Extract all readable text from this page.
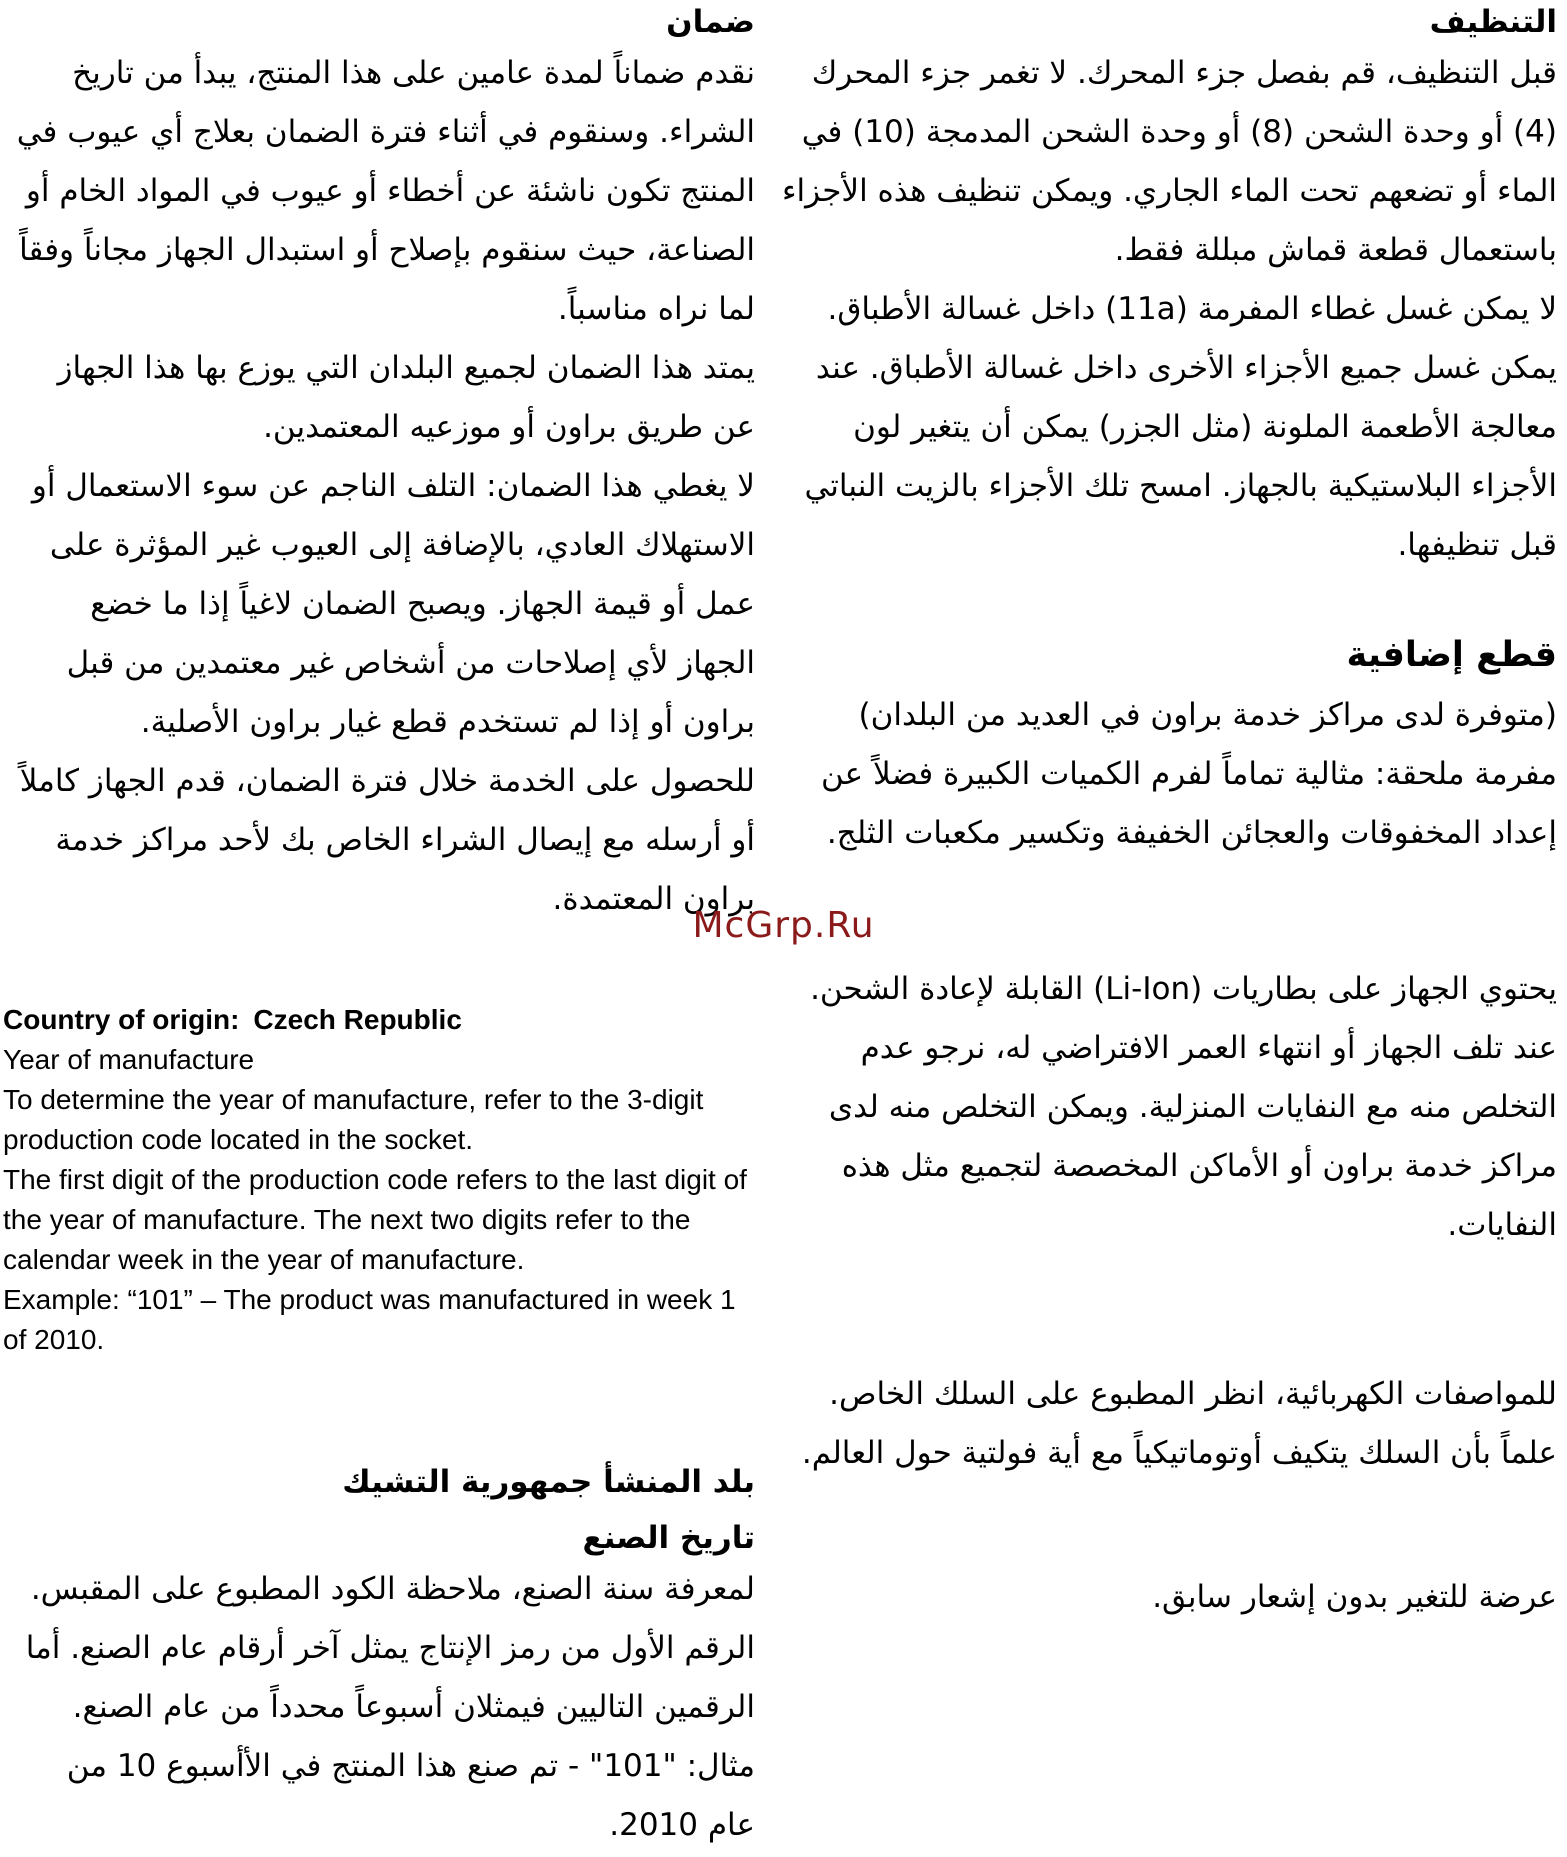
التنظيف

قبل التنظيف، قم بفصل جزء المحرك. لا تغمر جزء المحرك (4) أو وحدة الشحن (8) أو وحدة الشحن المدمجة (10) في الماء أو تضعهم تحت الماء الجاري. ويمكن تنظيف هذه الأجزاء باستعمال قطعة قماش مبللة فقط.

لا يمكن غسل غطاء المفرمة (11a) داخل غسالة الأطباق.

يمكن غسل جميع الأجزاء الأخرى داخل غسالة الأطباق. عند معالجة الأطعمة الملونة (مثل الجزر) يمكن أن يتغير لون الأجزاء البلاستيكية بالجهاز. امسح تلك الأجزاء بالزيت النباتي قبل تنظيفها.

قطع إضافية

(متوفرة لدى مراكز خدمة براون في العديد من البلدان)

مفرمة ملحقة: مثالية تماماً لفرم الكميات الكبيرة فضلاً عن إعداد المخفوقات والعجائن الخفيفة وتكسير مكعبات الثلج.

ضمان

نقدم ضماناً لمدة عامين على هذا المنتج، يبدأ من تاريخ الشراء. وسنقوم في أثناء فترة الضمان بعلاج أي عيوب في المنتج تكون ناشئة عن أخطاء أو عيوب في المواد الخام أو الصناعة، حيث سنقوم بإصلاح أو استبدال الجهاز مجاناً وفقاً لما نراه مناسباً.

يمتد هذا الضمان لجميع البلدان التي يوزع بها هذا الجهاز عن طريق براون أو موزعيه المعتمدين.

لا يغطي هذا الضمان: التلف الناجم عن سوء الاستعمال أو الاستهلاك العادي، بالإضافة إلى العيوب غير المؤثرة على عمل أو قيمة الجهاز. ويصبح الضمان لاغياً إذا ما خضع الجهاز لأي إصلاحات من أشخاص غير معتمدين من قبل براون أو إذا لم تستخدم قطع غيار براون الأصلية.

للحصول على الخدمة خلال فترة الضمان، قدم الجهاز كاملاً أو أرسله مع إيصال الشراء الخاص بك لأحد مراكز خدمة براون المعتمدة.

McGrp.Ru

يحتوي الجهاز على بطاريات (Li-Ion) القابلة لإعادة الشحن. عند تلف الجهاز أو انتهاء العمر الافتراضي له، نرجو عدم التخلص منه مع النفايات المنزلية. ويمكن التخلص منه لدى مراكز خدمة براون أو الأماكن المخصصة لتجميع مثل هذه النفايات.

للمواصفات الكهربائية، انظر المطبوع على السلك الخاص. علماً بأن السلك يتكيف أوتوماتيكياً مع أية فولتية حول العالم.

عرضة للتغير بدون إشعار سابق.

Country of origin: Czech Republic

Year of manufacture

To determine the year of manufacture, refer to the 3-digit production code located in the socket.

The first digit of the production code refers to the last digit of the year of manufacture. The next two digits refer to the calendar week in the year of manufacture.

Example: “101” – The product was manufactured in week 1 of 2010.

بلد المنشأ جمهورية التشيك
تاريخ الصنع

لمعرفة سنة الصنع، ملاحظة الكود المطبوع على المقبس.

الرقم الأول من رمز الإنتاج يمثل آخر أرقام عام الصنع. أما الرقمين التاليين فيمثلان أسبوعاً محدداً من عام الصنع.

مثال: "101" - تم صنع هذا المنتج في الأأسبوع 10 من عام 2010.
